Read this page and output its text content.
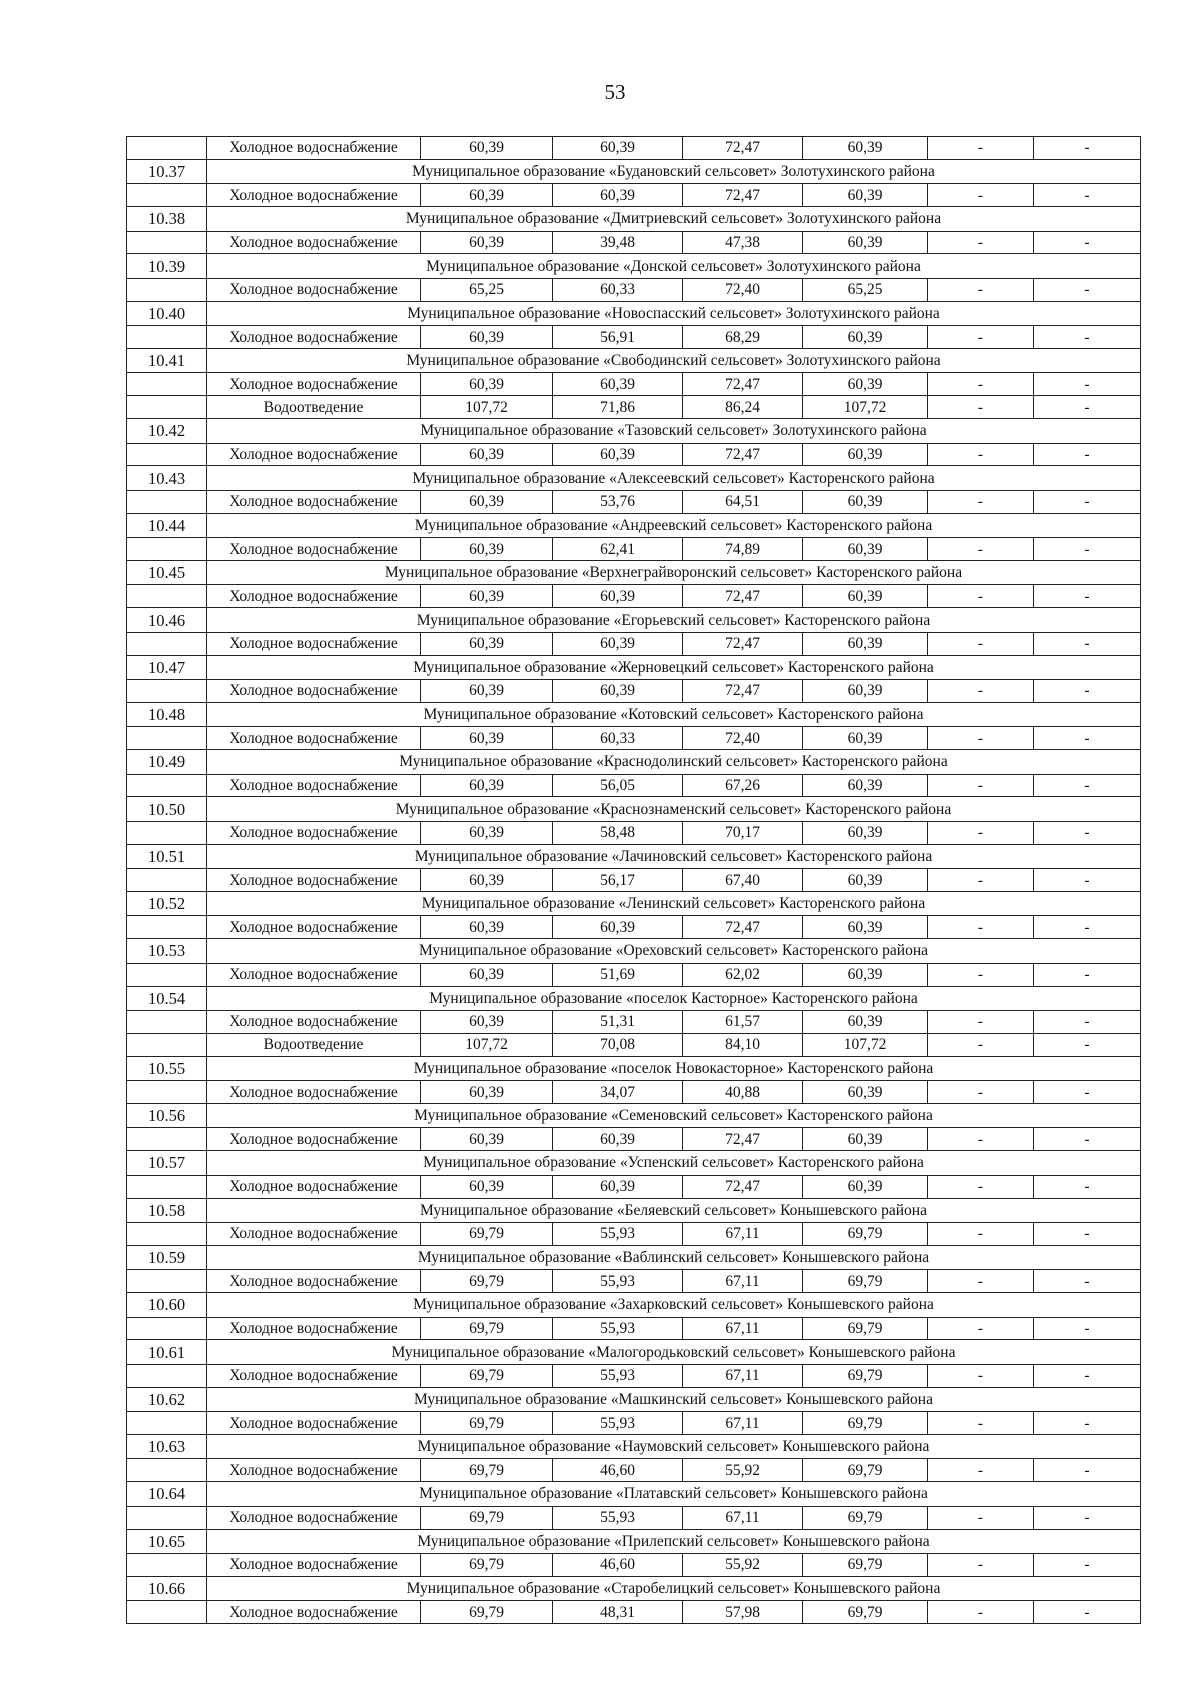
53
	Холодное водоснабжение	60,39	60,39	72,47	60,39	-	-
10.37	Муниципальное образование «Будановский сельсовет» Золотухинского района						
	Холодное водоснабжение	60,39	60,39	72,47	60,39	-	-
10.38	Муниципальное образование «Дмитриевский сельсовет» Золотухинского района						
	Холодное водоснабжение	60,39	39,48	47,38	60,39	-	-
10.39	Муниципальное образование «Донской сельсовет» Золотухинского района						
	Холодное водоснабжение	65,25	60,33	72,40	65,25	-	-
10.40	Муниципальное образование «Новоспасский сельсовет» Золотухинского района						
	Холодное водоснабжение	60,39	56,91	68,29	60,39	-	-
10.41	Муниципальное образование «Свободинский сельсовет» Золотухинского района						
	Холодное водоснабжение	60,39	60,39	72,47	60,39	-	-
	Водоотведение	107,72	71,86	86,24	107,72	-	-
10.42	Муниципальное образование «Тазовский сельсовет» Золотухинского района						
	Холодное водоснабжение	60,39	60,39	72,47	60,39	-	-
10.43	Муниципальное образование «Алексеевский сельсовет» Касторенского района						
	Холодное водоснабжение	60,39	53,76	64,51	60,39	-	-
10.44	Муниципальное образование «Андреевский сельсовет» Касторенского района						
	Холодное водоснабжение	60,39	62,41	74,89	60,39	-	-
10.45	Муниципальное образование «Верхнеграйворонский сельсовет» Касторенского района						
	Холодное водоснабжение	60,39	60,39	72,47	60,39	-	-
10.46	Муниципальное образование «Егорьевский сельсовет» Касторенского района						
	Холодное водоснабжение	60,39	60,39	72,47	60,39	-	-
10.47	Муниципальное образование «Жерновецкий сельсовет» Касторенского района						
	Холодное водоснабжение	60,39	60,39	72,47	60,39	-	-
10.48	Муниципальное образование «Котовский сельсовет» Касторенского района						
	Холодное водоснабжение	60,39	60,33	72,40	60,39	-	-
10.49	Муниципальное образование «Краснодолинский сельсовет» Касторенского района						
	Холодное водоснабжение	60,39	56,05	67,26	60,39	-	-
10.50	Муниципальное образование «Краснознаменский сельсовет» Касторенского района						
	Холодное водоснабжение	60,39	58,48	70,17	60,39	-	-
10.51	Муниципальное образование «Лачиновский сельсовет» Касторенского района						
	Холодное водоснабжение	60,39	56,17	67,40	60,39	-	-
10.52	Муниципальное образование «Ленинский сельсовет» Касторенского района						
	Холодное водоснабжение	60,39	60,39	72,47	60,39	-	-
10.53	Муниципальное образование «Ореховский сельсовет» Касторенского района						
	Холодное водоснабжение	60,39	51,69	62,02	60,39	-	-
10.54	Муниципальное образование «поселок Касторное» Касторенского района						
	Холодное водоснабжение	60,39	51,31	61,57	60,39	-	-
	Водоотведение	107,72	70,08	84,10	107,72	-	-
10.55	Муниципальное образование «поселок Новокасторное» Касторенского района						
	Холодное водоснабжение	60,39	34,07	40,88	60,39	-	-
10.56	Муниципальное образование «Семеновский сельсовет» Касторенского района						
	Холодное водоснабжение	60,39	60,39	72,47	60,39	-	-
10.57	Муниципальное образование «Успенский сельсовет» Касторенского района						
	Холодное водоснабжение	60,39	60,39	72,47	60,39	-	-
10.58	Муниципальное образование «Беляевский сельсовет» Конышевского района						
	Холодное водоснабжение	69,79	55,93	67,11	69,79	-	-
10.59	Муниципальное образование «Ваблинский сельсовет» Конышевского района						
	Холодное водоснабжение	69,79	55,93	67,11	69,79	-	-
10.60	Муниципальное образование «Захарковский сельсовет» Конышевского района						
	Холодное водоснабжение	69,79	55,93	67,11	69,79	-	-
10.61	Муниципальное образование «Малогородьковский сельсовет» Конышевского района						
	Холодное водоснабжение	69,79	55,93	67,11	69,79	-	-
10.62	Муниципальное образование «Машкинский сельсовет» Конышевского района						
	Холодное водоснабжение	69,79	55,93	67,11	69,79	-	-
10.63	Муниципальное образование «Наумовский сельсовет» Конышевского района						
	Холодное водоснабжение	69,79	46,60	55,92	69,79	-	-
10.64	Муниципальное образование «Платавский сельсовет» Конышевского района						
	Холодное водоснабжение	69,79	55,93	67,11	69,79	-	-
10.65	Муниципальное образование «Прилепский сельсовет» Конышевского района						
	Холодное водоснабжение	69,79	46,60	55,92	69,79	-	-
10.66	Муниципальное образование «Старобелицкий сельсовет» Конышевского района						
	Холодное водоснабжение	69,79	48,31	57,98	69,79	-	-
